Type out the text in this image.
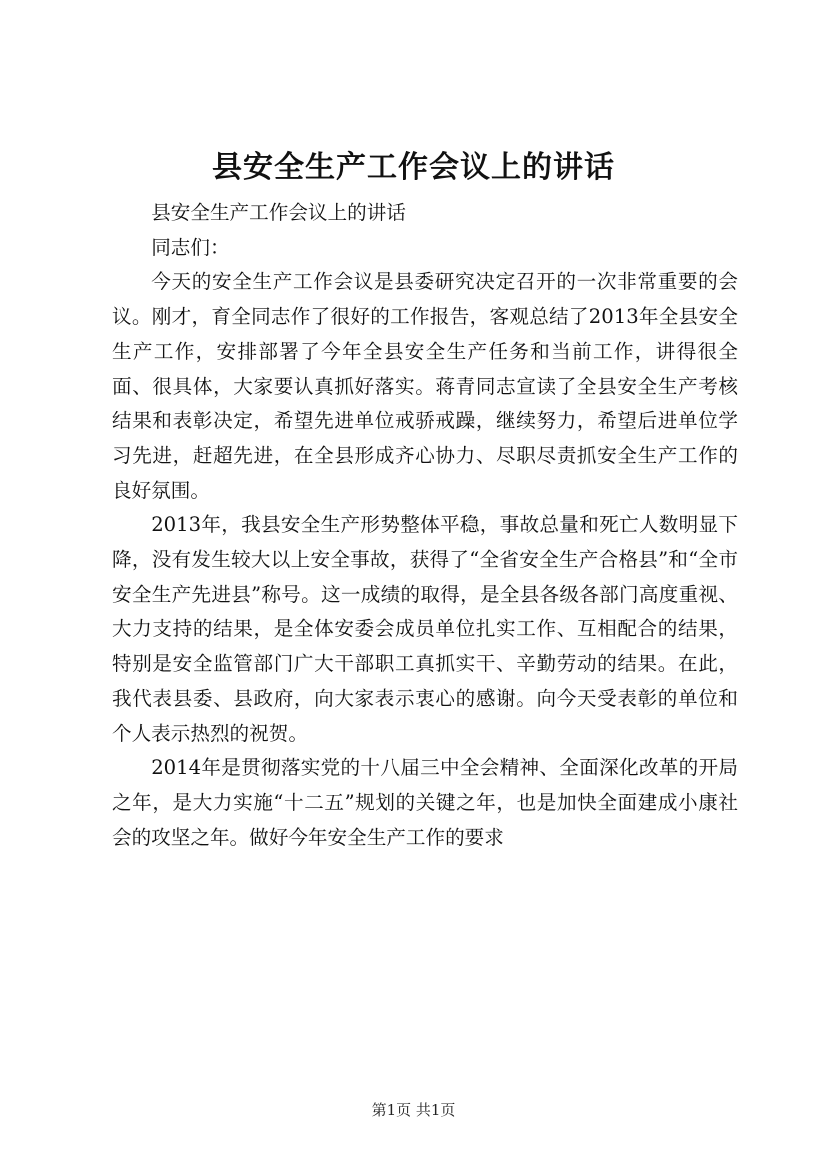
县安全生产工作会议上的讲话

县安全生产工作会议上的讲话

同志们：

今天的安全生产工作会议是县委研究决定召开的一次非常重要的会议。刚才，育全同志作了很好的工作报告，客观总结了2013年全县安全生产工作，安排部署了今年全县安全生产任务和当前工作，讲得很全面、很具体，大家要认真抓好落实。蒋青同志宣读了全县安全生产考核结果和表彰决定，希望先进单位戒骄戒躁，继续努力，希望后进单位学习先进，赶超先进，在全县形成齐心协力、尽职尽责抓安全生产工作的良好氛围。

2013年，我县安全生产形势整体平稳，事故总量和死亡人数明显下降，没有发生较大以上安全事故，获得了“全省安全生产合格县”和“全市安全生产先进县”称号。这一成绩的取得，是全县各级各部门高度重视、大力支持的结果，是全体安委会成员单位扎实工作、互相配合的结果，特别是安全监管部门广大干部职工真抓实干、辛勤劳动的结果。在此，我代表县委、县政府，向大家表示衷心的感谢。向今天受表彰的单位和个人表示热烈的祝贺。

2014年是贯彻落实党的十八届三中全会精神、全面深化改革的开局之年，是大力实施“十二五”规划的关键之年，也是加快全面建成小康社会的攻坚之年。做好今年安全生产工作的要求

第1页 共1页
